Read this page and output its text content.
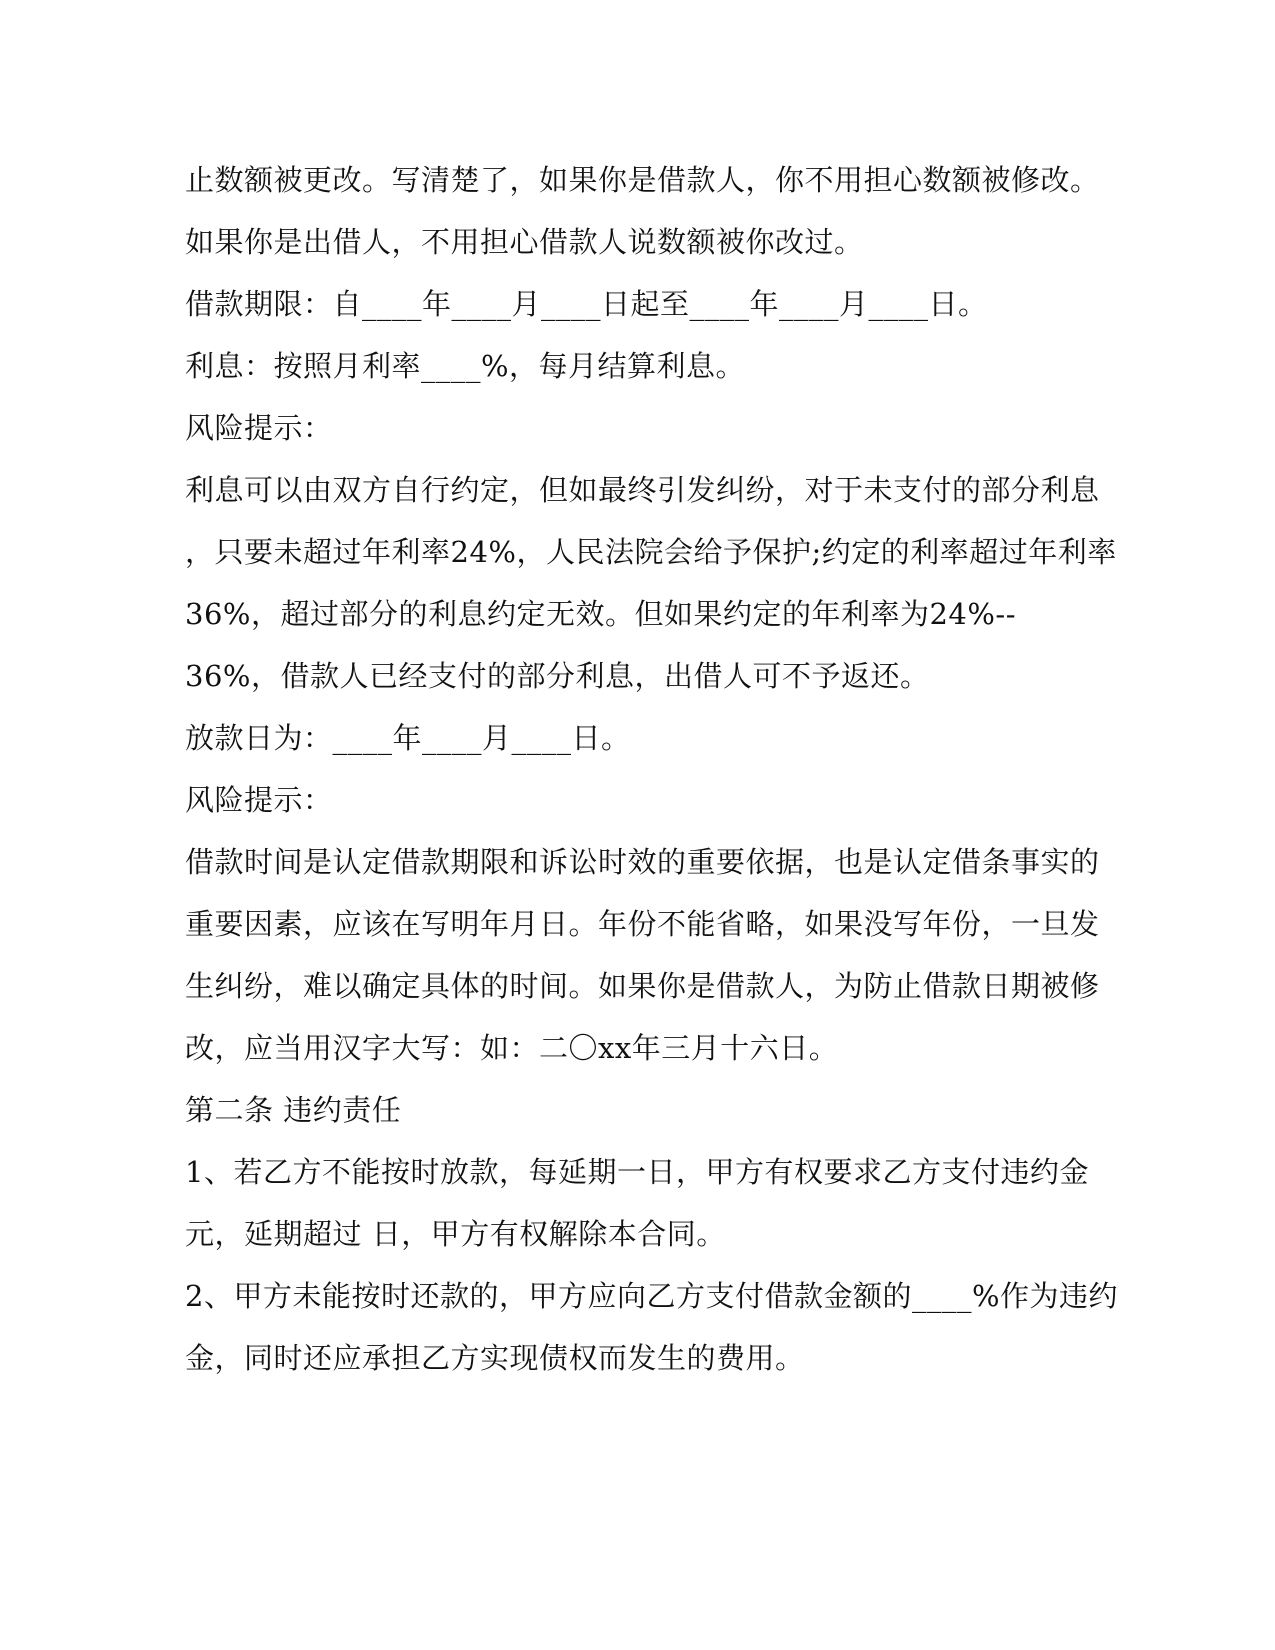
止数额被更改。写清楚了，如果你是借款人，你不用担心数额被修改。
如果你是出借人，不用担心借款人说数额被你改过。
借款期限：自____年____月____日起至____年____月____日。
利息：按照月利率____%，每月结算利息。
风险提示：
利息可以由双方自行约定，但如最终引发纠纷，对于未支付的部分利息
，只要未超过年利率24%，人民法院会给予保护;约定的利率超过年利率
36%，超过部分的利息约定无效。但如果约定的年利率为24%--
36%，借款人已经支付的部分利息，出借人可不予返还。
放款日为：____年____月____日。
风险提示：
借款时间是认定借款期限和诉讼时效的重要依据，也是认定借条事实的
重要因素，应该在写明年月日。年份不能省略，如果没写年份，一旦发
生纠纷，难以确定具体的时间。如果你是借款人，为防止借款日期被修
改，应当用汉字大写：如：二〇xx年三月十六日。
第二条 违约责任
1、若乙方不能按时放款，每延期一日，甲方有权要求乙方支付违约金
元，延期超过 日，甲方有权解除本合同。
2、甲方未能按时还款的，甲方应向乙方支付借款金额的____%作为违约
金，同时还应承担乙方实现债权而发生的费用。
